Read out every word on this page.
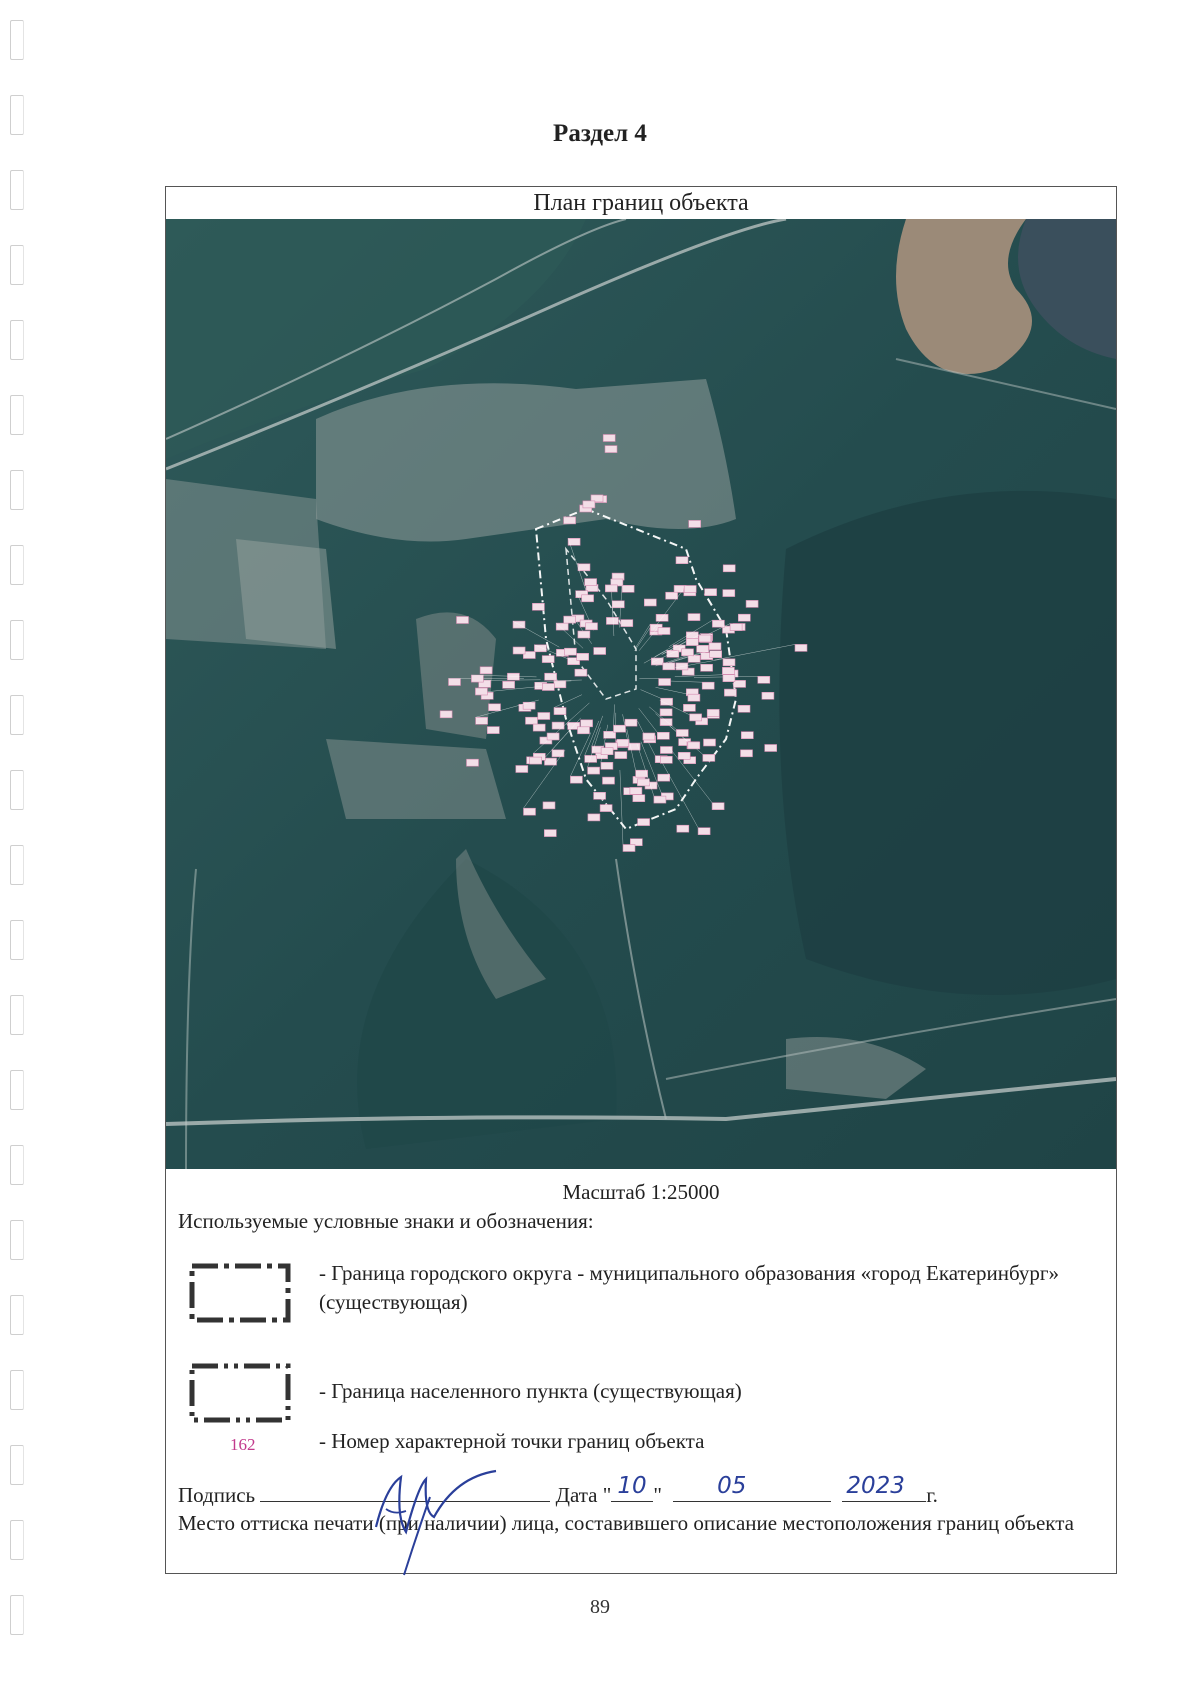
Раздел 4
План границ объекта
Масштаб 1:25000
Используемые условные знаки и обозначения:
- Граница городского округа - муниципального образования «город Екатеринбург» (существующая)
- Граница населенного пункта (существующая)
162	- Номер характерной точки границ объекта
Подпись	Дата " 10 " 05
	2023 г.
Место оттиска печати (при наличии) лица, составившего описание местоположения границ объекта
89
